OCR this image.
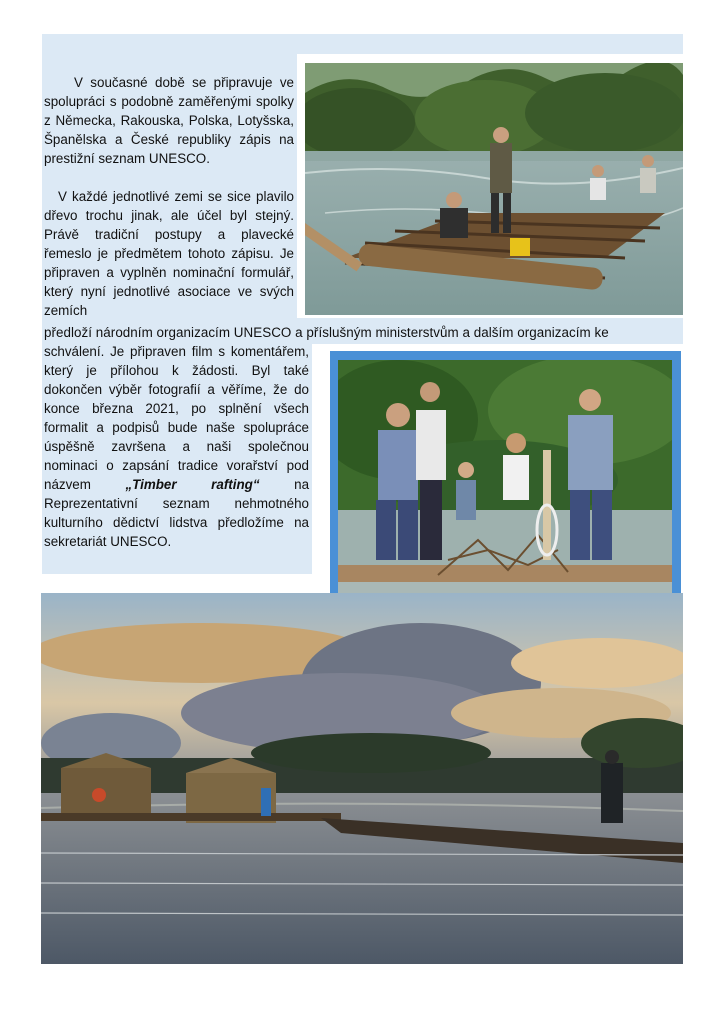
V současné době se připravuje ve spolupráci s podobně zaměřenými spolky z Německa, Rakouska, Polska, Lotyšska, Španělska a České republiky zápis na prestižní seznam UNESCO.

V každé jednotlivé zemi se sice plavilo dřevo trochu jinak, ale účel byl stejný. Právě tradiční postupy a plavecké řemeslo je předmětem tohoto zápisu. Je připraven a vyplněn nominační formulář, který nyní jednotlivé asociace ve svých zemích

předloží národním organizacím UNESCO a příslušným ministerstvům a dalším organizacím ke

schválení. Je připraven film s komentářem, který je přílohou k žádosti. Byl také dokončen výběr fotografií a věříme, že do konce března 2021, po splnění všech formalit a podpisů bude naše spolupráce úspěšně završena a naši společnou nominaci o zapsání tradice vorařství pod názvem „Timber rafting“ na Reprezentativní seznam nehmotného kulturního dědictví lidstva předložíme na sekretariát UNESCO.
